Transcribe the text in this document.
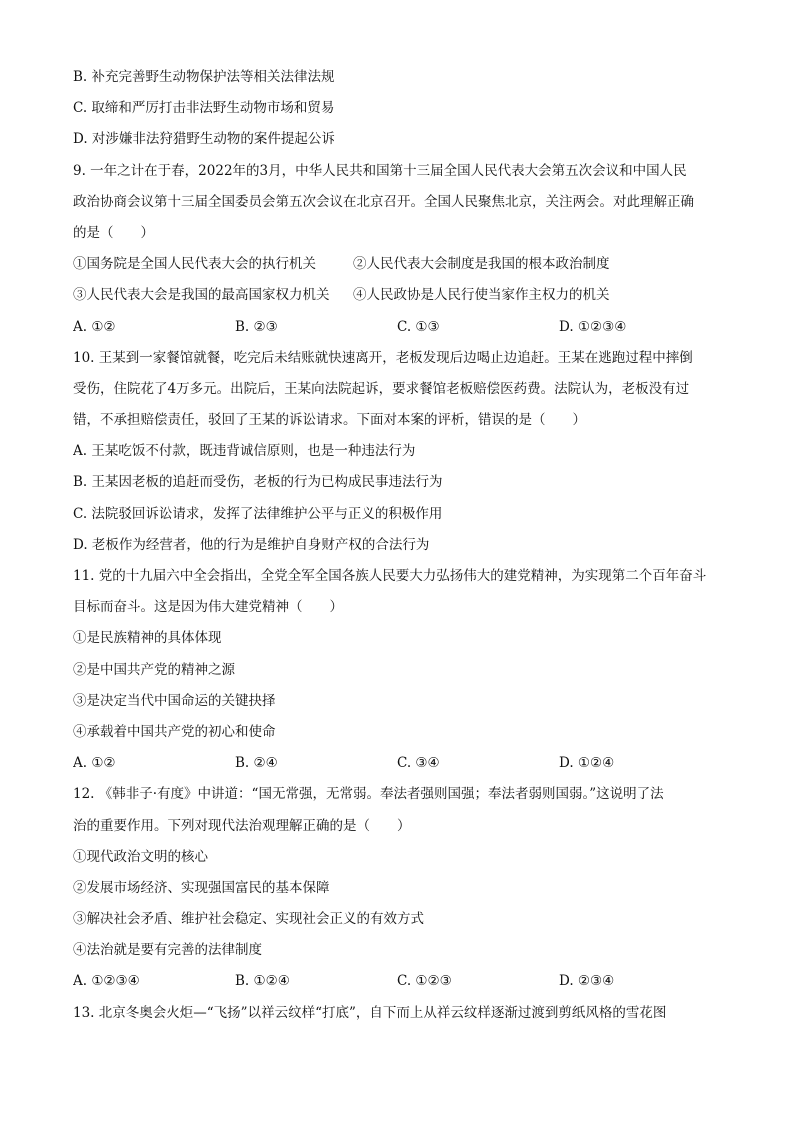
B. 补充完善野生动物保护法等相关法律法规
C. 取缔和严厉打击非法野生动物市场和贸易
D. 对涉嫌非法狩猎野生动物的案件提起公诉
9. 一年之计在于春，2022年的3月，中华人民共和国第十三届全国人民代表大会第五次会议和中国人民
政治协商会议第十三届全国委员会第五次会议在北京召开。全国人民聚焦北京，关注两会。对此理解正确
的是（　　）
①国务院是全国人民代表大会的执行机关	②人民代表大会制度是我国的根本政治制度
③人民代表大会是我国的最高国家权力机关	④人民政协是人民行使当家作主权力的机关
A. ①②	B. ②③	C. ①③	D. ①②③④
10. 王某到一家餐馆就餐，吃完后未结账就快速离开，老板发现后边喝止边追赶。王某在逃跑过程中摔倒
受伤，住院花了4万多元。出院后，王某向法院起诉，要求餐馆老板赔偿医药费。法院认为，老板没有过
错，不承担赔偿责任，驳回了王某的诉讼请求。下面对本案的评析，错误的是（　　）
A. 王某吃饭不付款，既违背诚信原则，也是一种违法行为
B. 王某因老板的追赶而受伤，老板的行为已构成民事违法行为
C. 法院驳回诉讼请求，发挥了法律维护公平与正义的积极作用
D. 老板作为经营者，他的行为是维护自身财产权的合法行为
11. 党的十九届六中全会指出，全党全军全国各族人民要大力弘扬伟大的建党精神，为实现第二个百年奋斗
目标而奋斗。这是因为伟大建党精神（　　）
①是民族精神的具体体现
②是中国共产党的精神之源
③是决定当代中国命运的关键抉择
④承载着中国共产党的初心和使命
A. ①②	B. ②④	C. ③④	D. ①②④
12. 《韩非子·有度》中讲道：“国无常强，无常弱。奉法者强则国强；奉法者弱则国弱。”这说明了法
治的重要作用。下列对现代法治观理解正确的是（　　）
①现代政治文明的核心
②发展市场经济、实现强国富民的基本保障
③解决社会矛盾、维护社会稳定、实现社会正义的有效方式
④法治就是要有完善的法律制度
A. ①②③④	B. ①②④	C. ①②③	D. ②③④
13. 北京冬奥会火炬—“飞扬”以祥云纹样“打底”，自下而上从祥云纹样逐渐过渡到剪纸风格的雪花图
